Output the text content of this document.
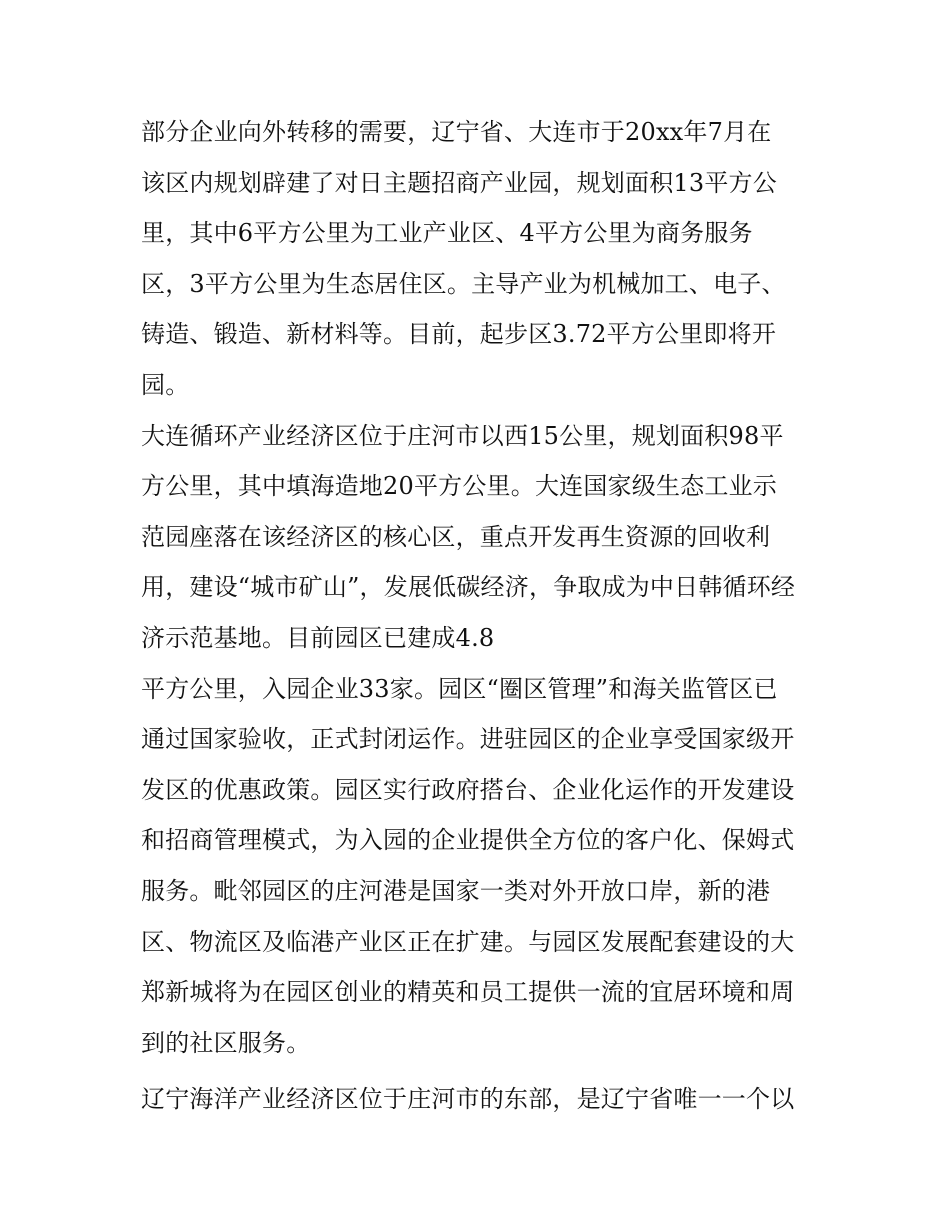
部分企业向外转移的需要，辽宁省、大连市于20xx年7月在
该区内规划辟建了对日主题招商产业园，规划面积13平方公
里，其中6平方公里为工业产业区、4平方公里为商务服务
区，3平方公里为生态居住区。主导产业为机械加工、电子、
铸造、锻造、新材料等。目前，起步区3.72平方公里即将开
园。
大连循环产业经济区位于庄河市以西15公里，规划面积98平
方公里，其中填海造地20平方公里。大连国家级生态工业示
范园座落在该经济区的核心区，重点开发再生资源的回收利
用，建设“城市矿山”，发展低碳经济，争取成为中日韩循环经
济示范基地。目前园区已建成4.8
平方公里，入园企业33家。园区“圈区管理”和海关监管区已
通过国家验收，正式封闭运作。进驻园区的企业享受国家级开
发区的优惠政策。园区实行政府搭台、企业化运作的开发建设
和招商管理模式，为入园的企业提供全方位的客户化、保姆式
服务。毗邻园区的庄河港是国家一类对外开放口岸，新的港
区、物流区及临港产业区正在扩建。与园区发展配套建设的大
郑新城将为在园区创业的精英和员工提供一流的宜居环境和周
到的社区服务。
辽宁海洋产业经济区位于庄河市的东部，是辽宁省唯一一个以
